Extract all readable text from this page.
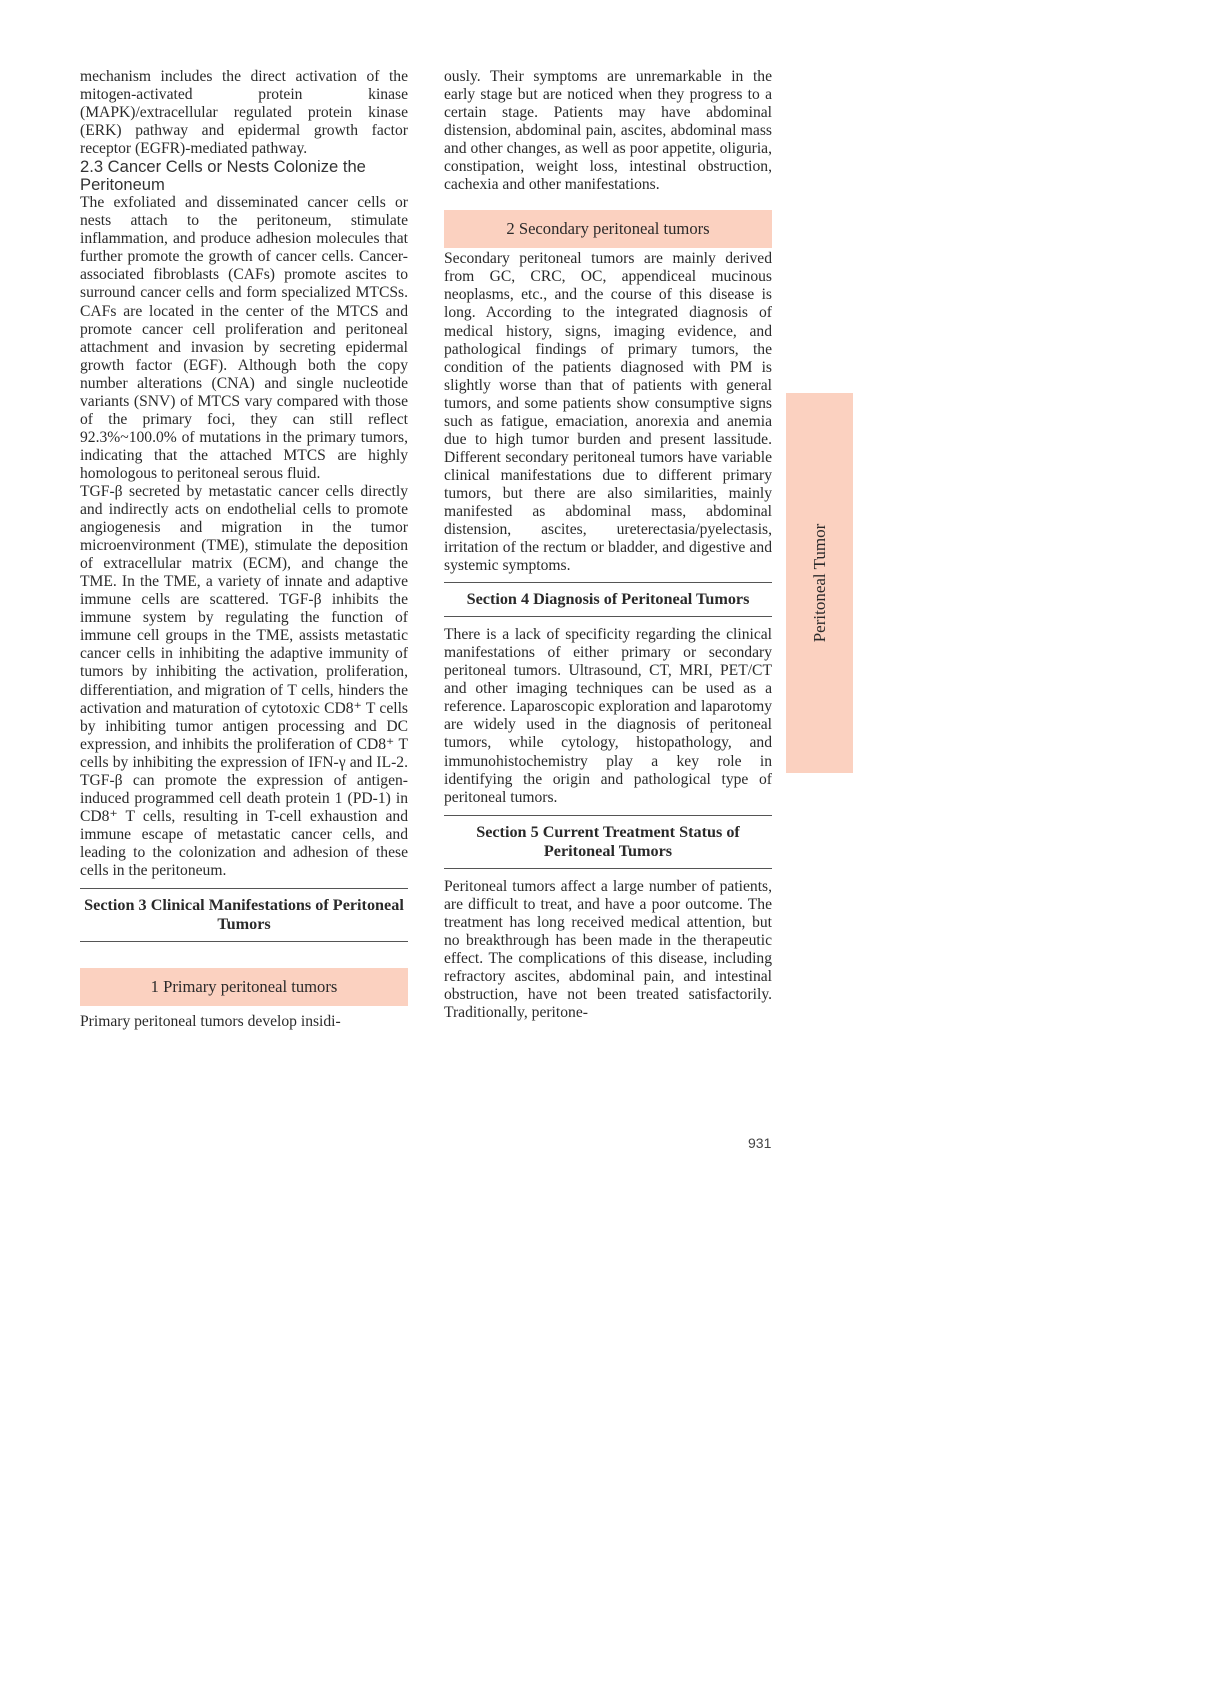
mechanism includes the direct activation of the mitogen-activated protein kinase (MAPK)/extracellular regulated protein kinase (ERK) pathway and epidermal growth factor receptor (EGFR)-mediated pathway.

2.3 Cancer Cells or Nests Colonize the Peritoneum

The exfoliated and disseminated cancer cells or nests attach to the peritoneum, stimulate inflammation, and produce adhesion molecules that further promote the growth of cancer cells. Cancer-associated fibroblasts (CAFs) promote ascites to surround cancer cells and form specialized MTCSs. CAFs are located in the center of the MTCS and promote cancer cell proliferation and peritoneal attachment and invasion by secreting epidermal growth factor (EGF). Although both the copy number alterations (CNA) and single nucleotide variants (SNV) of MTCS vary compared with those of the primary foci, they can still reflect 92.3%~100.0% of mutations in the primary tumors, indicating that the attached MTCS are highly homologous to peritoneal serous fluid.

TGF-β secreted by metastatic cancer cells directly and indirectly acts on endothelial cells to promote angiogenesis and migration in the tumor microenvironment (TME), stimulate the deposition of extracellular matrix (ECM), and change the TME. In the TME, a variety of innate and adaptive immune cells are scattered. TGF-β inhibits the immune system by regulating the function of immune cell groups in the TME, assists metastatic cancer cells in inhibiting the adaptive immunity of tumors by inhibiting the activation, proliferation, differentiation, and migration of T cells, hinders the activation and maturation of cytotoxic CD8⁺ T cells by inhibiting tumor antigen processing and DC expression, and inhibits the proliferation of CD8⁺ T cells by inhibiting the expression of IFN-γ and IL-2. TGF-β can promote the expression of antigen-induced programmed cell death protein 1 (PD-1) in CD8⁺ T cells, resulting in T-cell exhaustion and immune escape of metastatic cancer cells, and leading to the colonization and adhesion of these cells in the peritoneum.

Section 3 Clinical Manifestations of Peritoneal Tumors
1 Primary peritoneal tumors

Primary peritoneal tumors develop insidi-

ously. Their symptoms are unremarkable in the early stage but are noticed when they progress to a certain stage. Patients may have abdominal distension, abdominal pain, ascites, abdominal mass and other changes, as well as poor appetite, oliguria, constipation, weight loss, intestinal obstruction, cachexia and other manifestations.

2 Secondary peritoneal tumors

Secondary peritoneal tumors are mainly derived from GC, CRC, OC, appendiceal mucinous neoplasms, etc., and the course of this disease is long. According to the integrated diagnosis of medical history, signs, imaging evidence, and pathological findings of primary tumors, the condition of the patients diagnosed with PM is slightly worse than that of patients with general tumors, and some patients show consumptive signs such as fatigue, emaciation, anorexia and anemia due to high tumor burden and present lassitude. Different secondary peritoneal tumors have variable clinical manifestations due to different primary tumors, but there are also similarities, mainly manifested as abdominal mass, abdominal distension, ascites, ureterectasia/pyelectasis, irritation of the rectum or bladder, and digestive and systemic symptoms.

Section 4 Diagnosis of Peritoneal Tumors

There is a lack of specificity regarding the clinical manifestations of either primary or secondary peritoneal tumors. Ultrasound, CT, MRI, PET/CT and other imaging techniques can be used as a reference. Laparoscopic exploration and laparotomy are widely used in the diagnosis of peritoneal tumors, while cytology, histopathology, and immunohistochemistry play a key role in identifying the origin and pathological type of peritoneal tumors.

Section 5 Current Treatment Status of Peritoneal Tumors

Peritoneal tumors affect a large number of patients, are difficult to treat, and have a poor outcome. The treatment has long received medical attention, but no breakthrough has been made in the therapeutic effect. The complications of this disease, including refractory ascites, abdominal pain, and intestinal obstruction, have not been treated satisfactorily. Traditionally, peritone-

Peritoneal Tumor
931
